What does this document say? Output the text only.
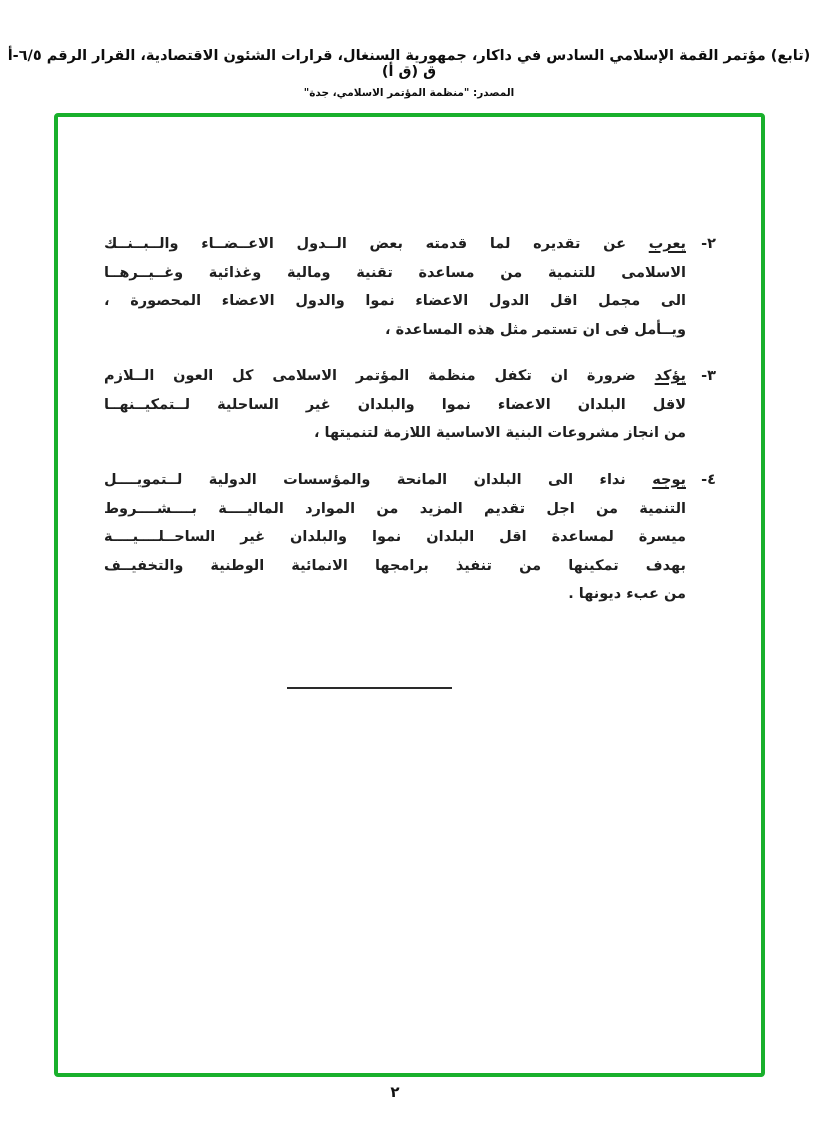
(تابع) مؤتمر القمة الإسلامي السادس في داكار، جمهورية السنغال، قرارات الشئون الاقتصادية، القرار الرقم ٦/٥-أ ق (ق أ)
المصدر: "منظمة المؤتمر الاسلامي، جدة"
٢-
يعرب عن تقديره لما قدمته بعض الــدول الاعــضــاء والــبــنــك
الاسلامى للتنمية من مساعدة تقنية ومالية وغذائية وغــيــرهــا
الى مجمل اقل الدول الاعضاء نموا والدول الاعضاء المحصورة ،
ويــأمل فى ان تستمر مثل هذه المساعدة ،
٣-
يؤكد ضرورة ان تكفل منظمة المؤتمر الاسلامى كل العون الــلازم
لاقل البلدان الاعضاء نموا والبلدان غير الساحلية لــتمكيــنهــا
من انجاز مشروعات البنية الاساسية اللازمة لتنميتها ،
٤-
يوجه نداء الى البلدان المانحة والمؤسسات الدولية لــتمويــــل
التنمية من اجل تقديم المزيد من الموارد الماليــــة بــــشــــروط
ميسرة لمساعدة اقل البلدان نموا والبلدان غير الساحــلــــيــــة
بهدف تمكينها من تنفيذ برامجها الانمائية الوطنية والتخفيــف
من عبء ديونها .
٢
